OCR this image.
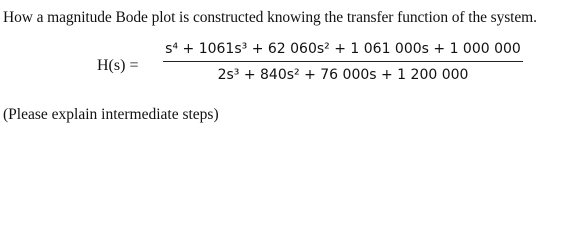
How a magnitude Bode plot is constructed knowing the transfer function of the system.
H(s) =
s⁴ + 1061s³ + 62 060s² + 1 061 000s + 1 000 000
2s³ + 840s² + 76 000s + 1 200 000
(Please explain intermediate steps)
